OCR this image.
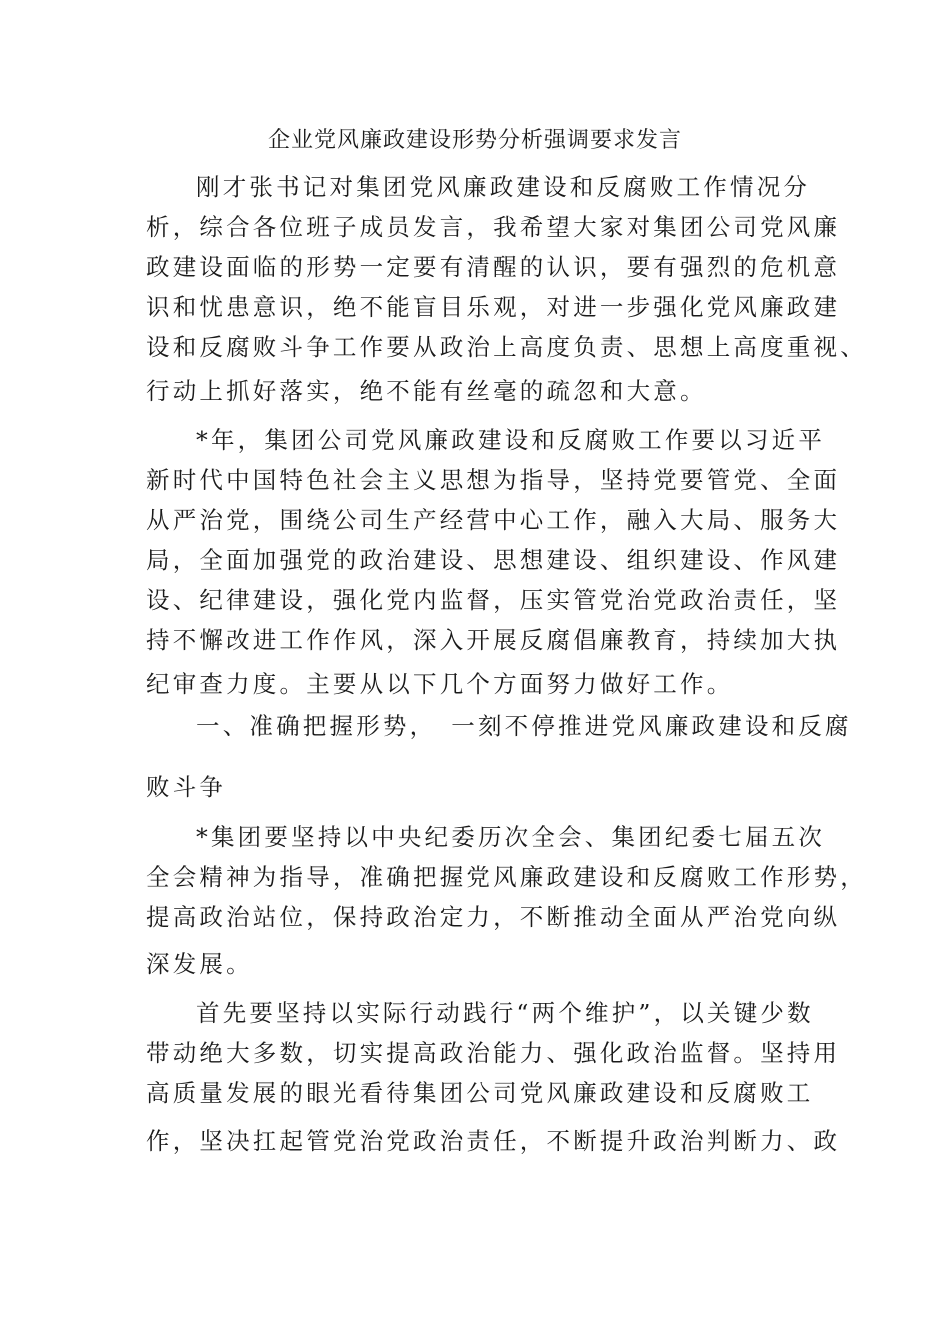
企业党风廉政建设形势分析强调要求发言
刚才张书记对集团党风廉政建设和反腐败工作情况分
析，综合各位班子成员发言，我希望大家对集团公司党风廉
政建设面临的形势一定要有清醒的认识，要有强烈的危机意
识和忧患意识，绝不能盲目乐观，对进一步强化党风廉政建
设和反腐败斗争工作要从政治上高度负责、思想上高度重视、
行动上抓好落实，绝不能有丝毫的疏忽和大意。
*年，集团公司党风廉政建设和反腐败工作要以习近平
新时代中国特色社会主义思想为指导，坚持党要管党、全面
从严治党，围绕公司生产经营中心工作，融入大局、服务大
局，全面加强党的政治建设、思想建设、组织建设、作风建
设、纪律建设，强化党内监督，压实管党治党政治责任，坚
持不懈改进工作作风，深入开展反腐倡廉教育，持续加大执
纪审查力度。主要从以下几个方面努力做好工作。
一、准确把握形势，　一刻不停推进党风廉政建设和反腐
败斗争
*集团要坚持以中央纪委历次全会、集团纪委七届五次
全会精神为指导，准确把握党风廉政建设和反腐败工作形势，
提高政治站位，保持政治定力，不断推动全面从严治党向纵
深发展。
首先要坚持以实际行动践行“两个维护”，以关键少数
带动绝大多数，切实提高政治能力、强化政治监督。坚持用
高质量发展的眼光看待集团公司党风廉政建设和反腐败工
作，坚决扛起管党治党政治责任，不断提升政治判断力、政
